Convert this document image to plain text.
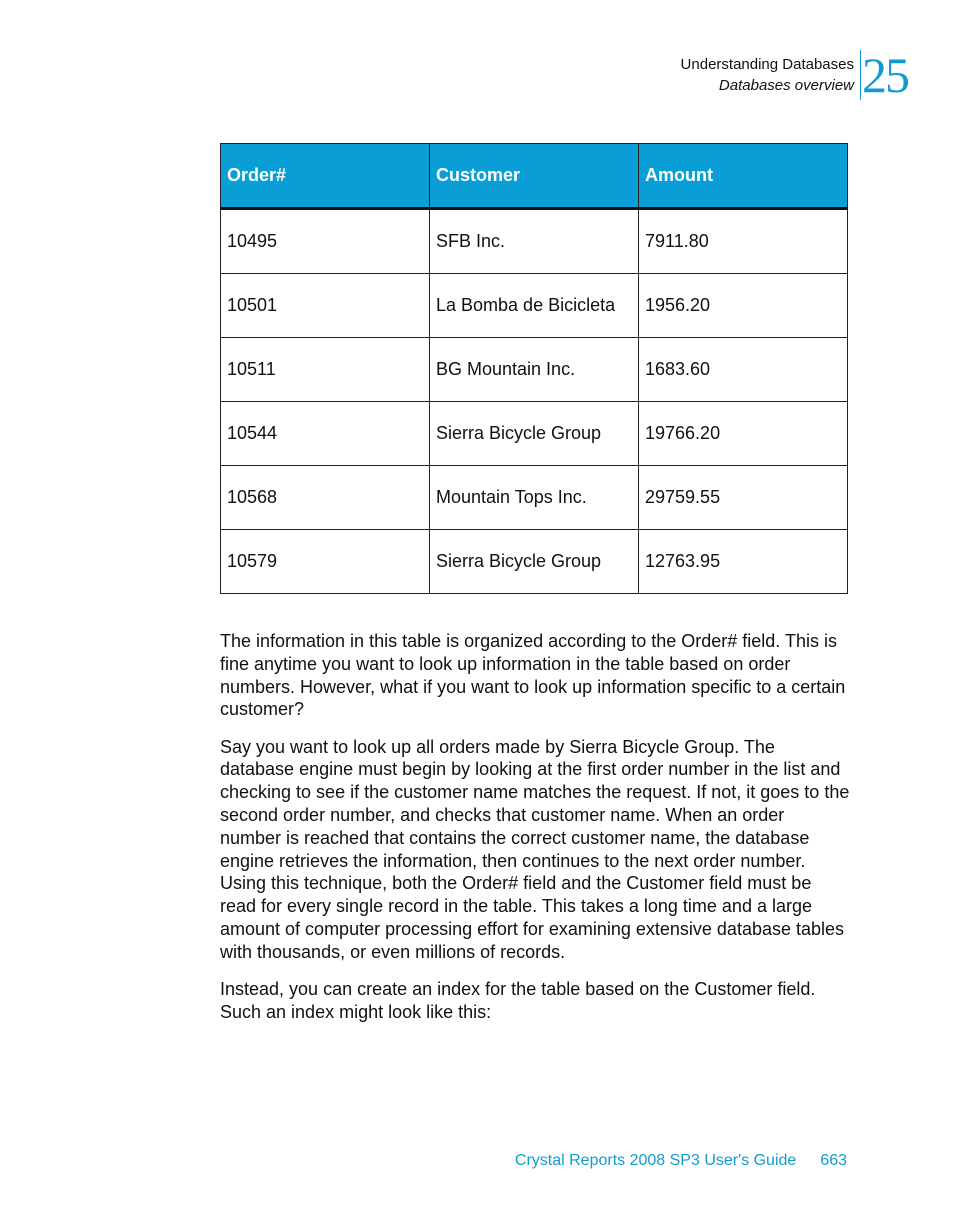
Understanding Databases
Databases overview 25
Order#	Customer	Amount
10495	SFB Inc.	7911.80
10501	La Bomba de Bicicleta	1956.20
10511	BG Mountain Inc.	1683.60
10544	Sierra Bicycle Group	19766.20
10568	Mountain Tops Inc.	29759.55
10579	Sierra Bicycle Group	12763.95

The information in this table is organized according to the Order# field. This is fine anytime you want to look up information in the table based on order numbers. However, what if you want to look up information specific to a certain customer?

Say you want to look up all orders made by Sierra Bicycle Group. The database engine must begin by looking at the first order number in the list and checking to see if the customer name matches the request. If not, it goes to the second order number, and checks that customer name. When an order number is reached that contains the correct customer name, the database engine retrieves the information, then continues to the next order number. Using this technique, both the Order# field and the Customer field must be read for every single record in the table. This takes a long time and a large amount of computer processing effort for examining extensive database tables with thousands, or even millions of records.

Instead, you can create an index for the table based on the Customer field. Such an index might look like this:

Crystal Reports 2008 SP3 User's Guide 663
